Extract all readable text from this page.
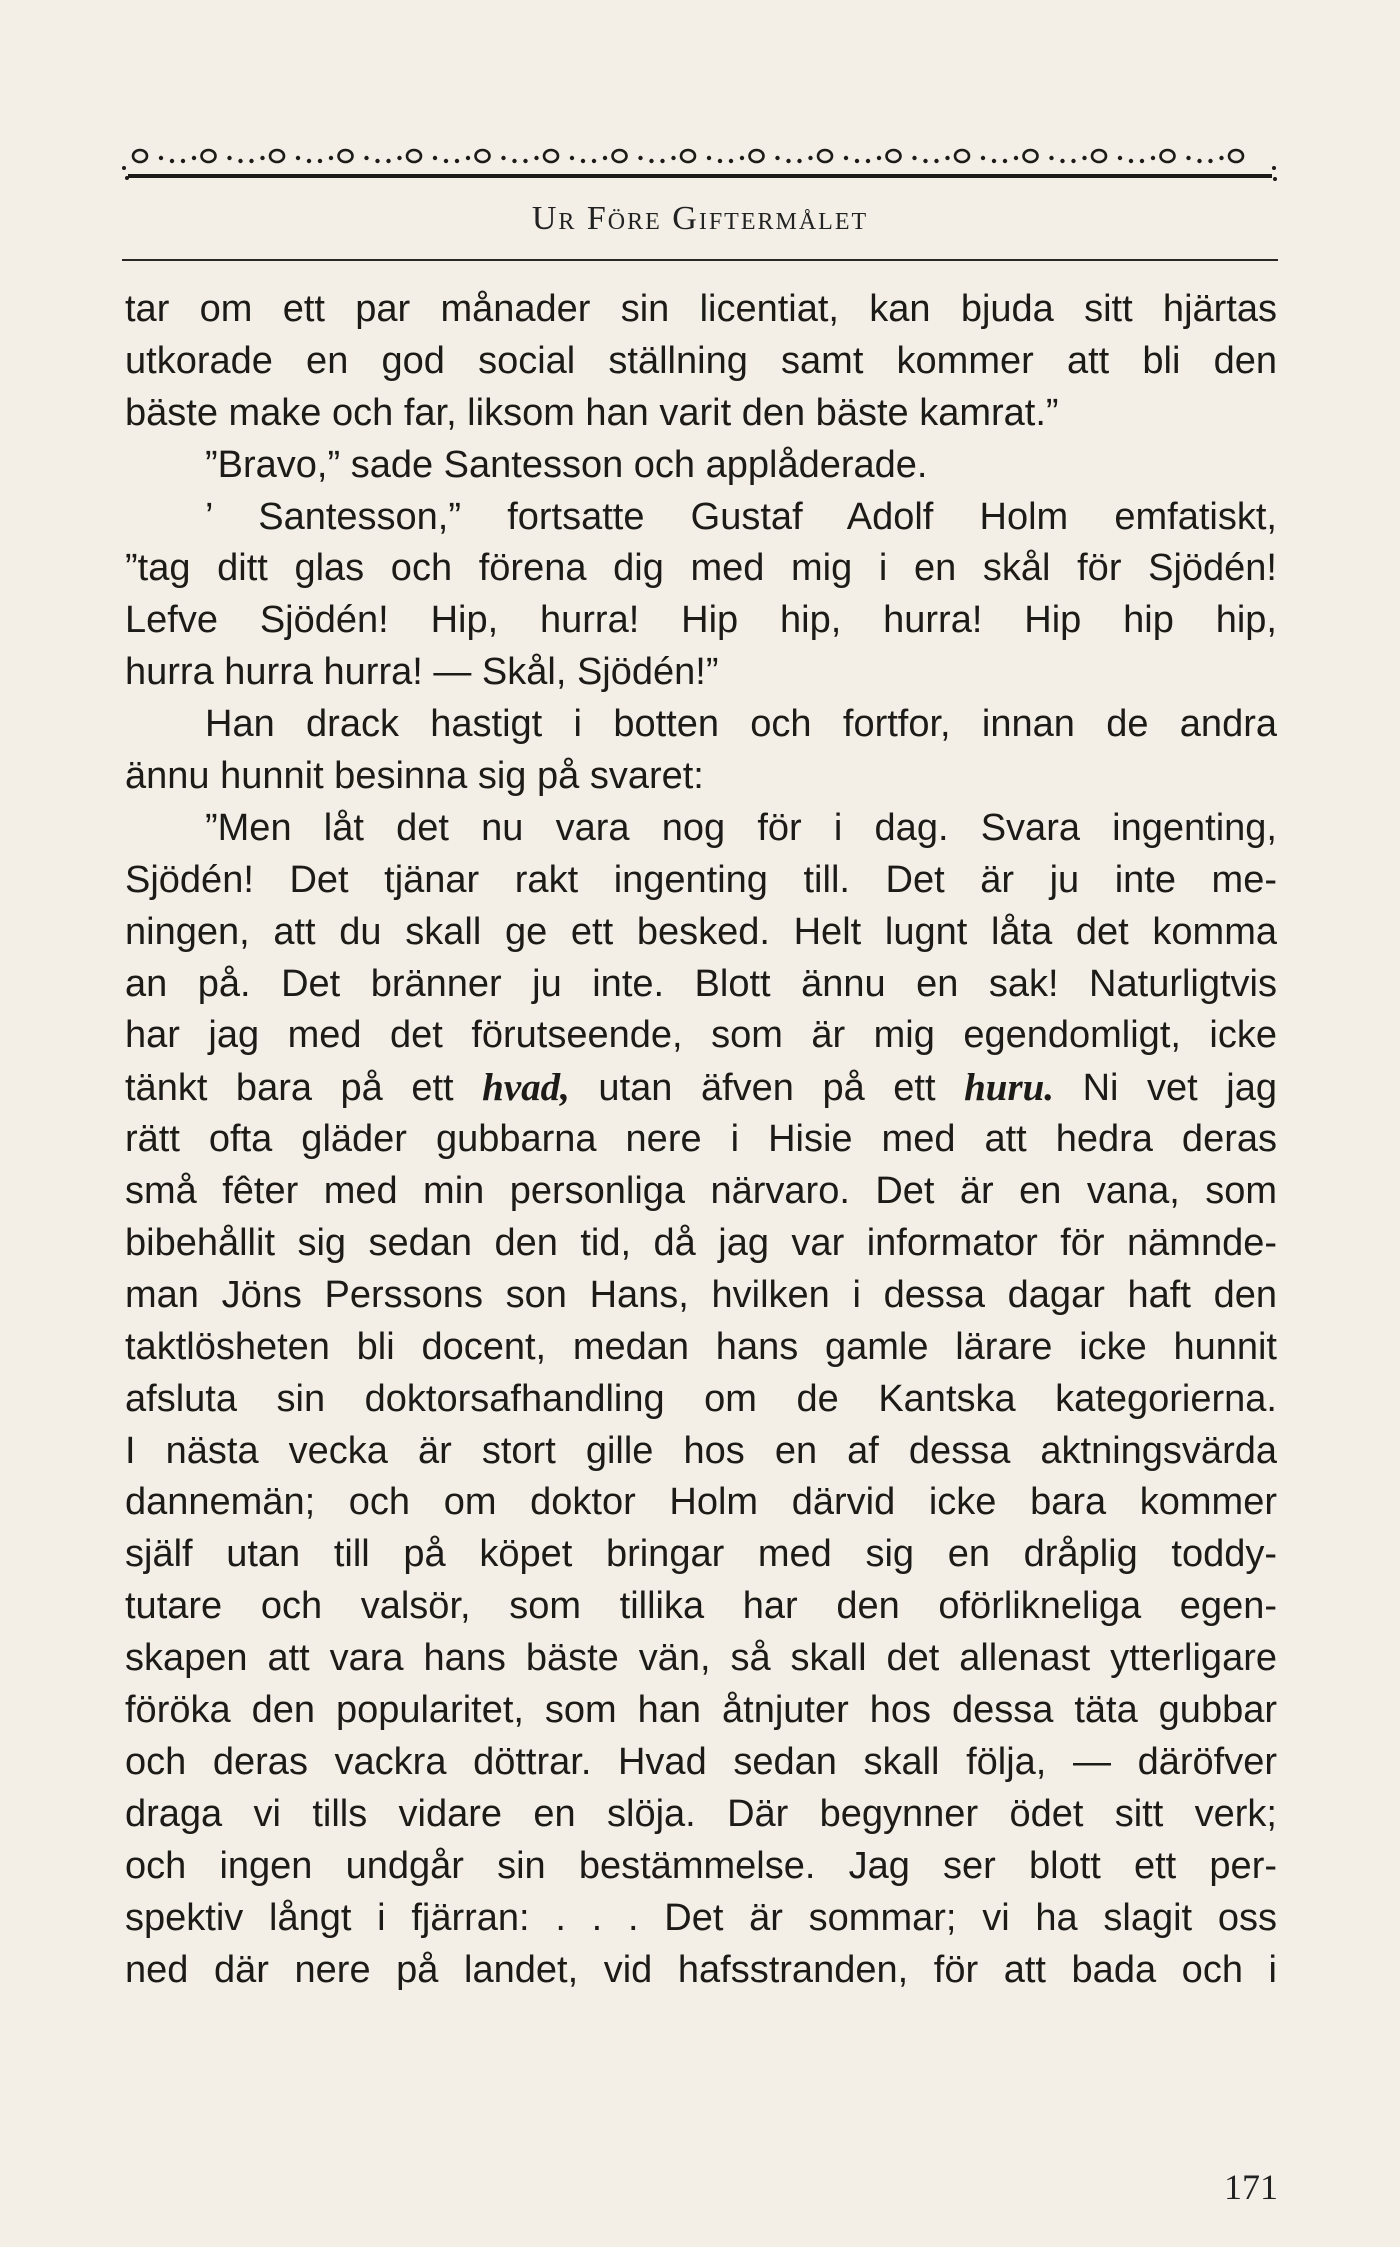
Ur Före Giftermålet
tar om ett par månader sin licentiat, kan bjuda sitt hjärtas
utkorade en god social ställning samt kommer att bli den
bäste make och far, liksom han varit den bäste kamrat.”
”Bravo,” sade Santesson och applåderade.
’ Santesson,” fortsatte Gustaf Adolf Holm emfatiskt,
”tag ditt glas och förena dig med mig i en skål för Sjödén!
Lefve Sjödén! Hip, hurra! Hip hip, hurra! Hip hip hip,
hurra hurra hurra! — Skål, Sjödén!”
Han drack hastigt i botten och fortfor, innan de andra
ännu hunnit besinna sig på svaret:
”Men låt det nu vara nog för i dag. Svara ingenting,
Sjödén! Det tjänar rakt ingenting till. Det är ju inte me-
ningen, att du skall ge ett besked. Helt lugnt låta det komma
an på. Det bränner ju inte. Blott ännu en sak! Naturligtvis
har jag med det förutseende, som är mig egendomligt, icke
tänkt bara på ett hvad, utan äfven på ett huru. Ni vet jag
rätt ofta gläder gubbarna nere i Hisie med att hedra deras
små fêter med min personliga närvaro. Det är en vana, som
bibehållit sig sedan den tid, då jag var informator för nämnde-
man Jöns Perssons son Hans, hvilken i dessa dagar haft den
taktlösheten bli docent, medan hans gamle lärare icke hunnit
afsluta sin doktorsafhandling om de Kantska kategorierna.
I nästa vecka är stort gille hos en af dessa aktningsvärda
dannemän; och om doktor Holm därvid icke bara kommer
själf utan till på köpet bringar med sig en dråplig toddy-
tutare och valsör, som tillika har den oförlikneliga egen-
skapen att vara hans bäste vän, så skall det allenast ytterligare
föröka den popularitet, som han åtnjuter hos dessa täta gubbar
och deras vackra döttrar. Hvad sedan skall följa, — däröfver
draga vi tills vidare en slöja. Där begynner ödet sitt verk;
och ingen undgår sin bestämmelse. Jag ser blott ett per-
spektiv långt i fjärran: . . . Det är sommar; vi ha slagit oss
ned där nere på landet, vid hafsstranden, för att bada och i
171
